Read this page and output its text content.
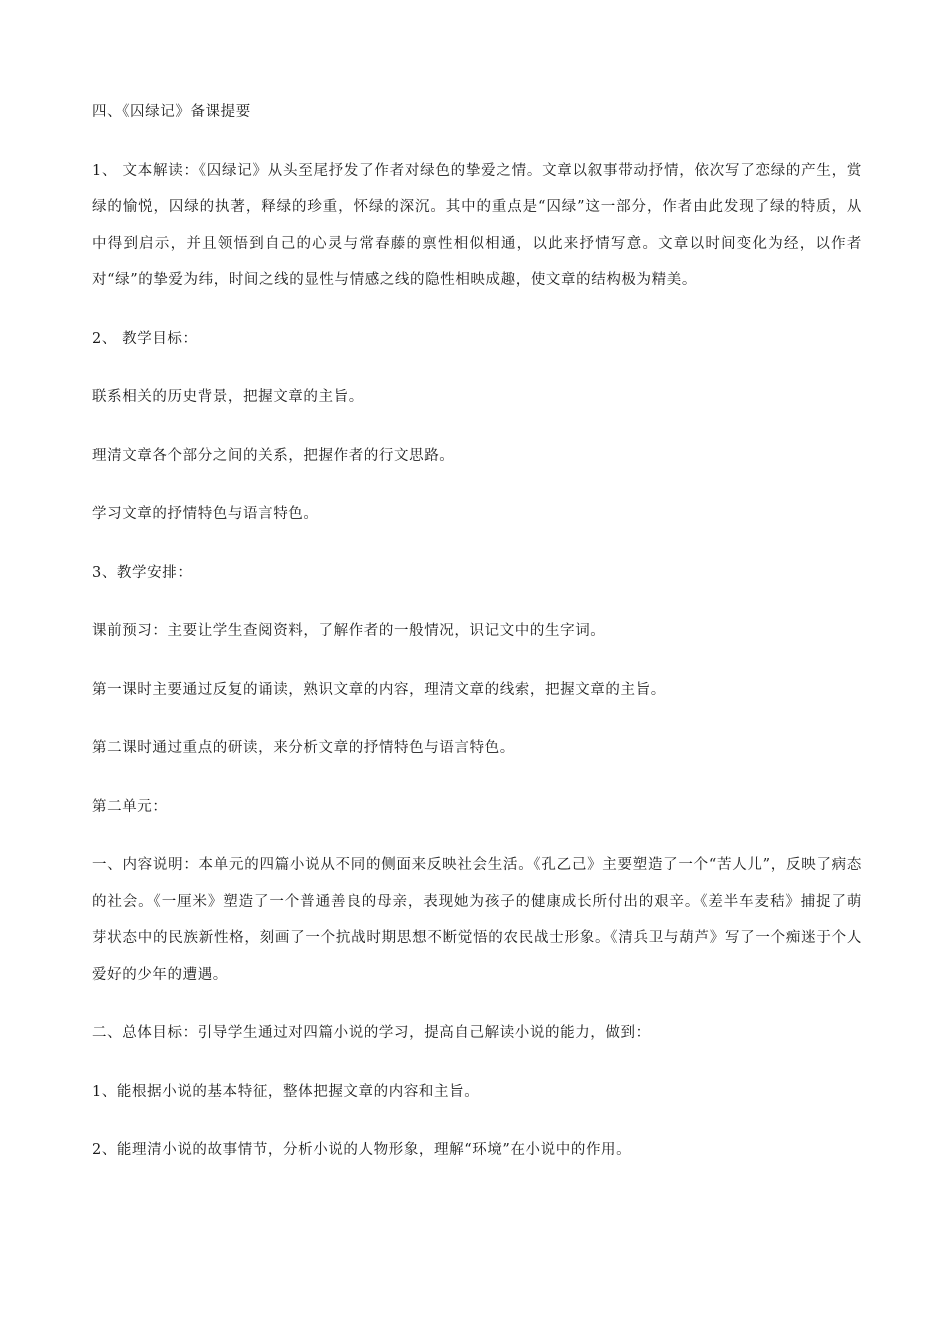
四、《囚绿记》备课提要

1、 文本解读：《囚绿记》从头至尾抒发了作者对绿色的挚爱之情。文章以叙事带动抒情，依次写了恋绿的产生，赏绿的愉悦，囚绿的执著，释绿的珍重，怀绿的深沉。其中的重点是“囚绿”这一部分，作者由此发现了绿的特质，从中得到启示，并且领悟到自己的心灵与常春藤的禀性相似相通，以此来抒情写意。文章以时间变化为经，以作者对“绿”的挚爱为纬，时间之线的显性与情感之线的隐性相映成趣，使文章的结构极为精美。

2、 教学目标：

联系相关的历史背景，把握文章的主旨。

理清文章各个部分之间的关系，把握作者的行文思路。

学习文章的抒情特色与语言特色。

3、教学安排：

课前预习：主要让学生查阅资料，了解作者的一般情况，识记文中的生字词。

第一课时主要通过反复的诵读，熟识文章的内容，理清文章的线索，把握文章的主旨。

第二课时通过重点的研读，来分析文章的抒情特色与语言特色。

第二单元：

一、内容说明：本单元的四篇小说从不同的侧面来反映社会生活。《孔乙己》主要塑造了一个“苦人儿”，反映了病态的社会。《一厘米》塑造了一个普通善良的母亲，表现她为孩子的健康成长所付出的艰辛。《差半车麦秸》捕捉了萌芽状态中的民族新性格，刻画了一个抗战时期思想不断觉悟的农民战士形象。《清兵卫与葫芦》写了一个痴迷于个人爱好的少年的遭遇。

二、总体目标：引导学生通过对四篇小说的学习，提高自己解读小说的能力，做到：

1、能根据小说的基本特征，整体把握文章的内容和主旨。

2、能理清小说的故事情节，分析小说的人物形象，理解“环境”在小说中的作用。
